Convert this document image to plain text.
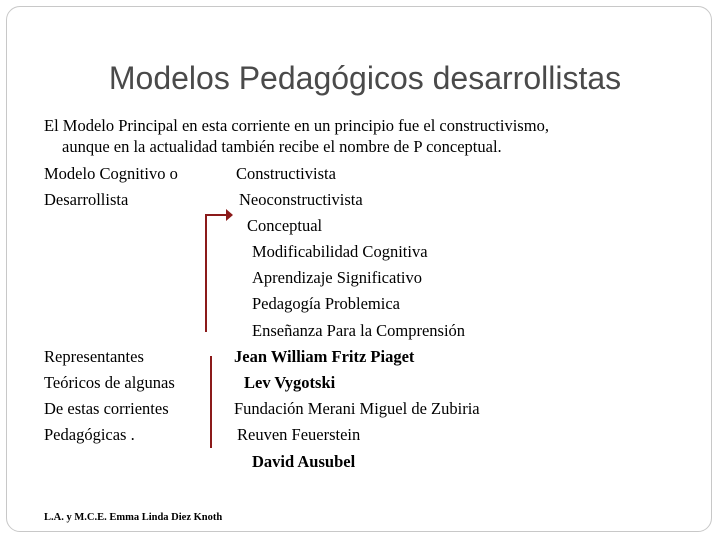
Modelos Pedagógicos desarrollistas

El Modelo Principal en esta corriente en un principio fue el constructivismo,

aunque en la actualidad también recibe el nombre de P conceptual.

Modelo Cognitivo o

Desarrollista

Constructivista

Neoconstructivista

Conceptual

Modificabilidad Cognitiva

Aprendizaje Significativo

Pedagogía Problemica

Enseñanza Para la Comprensión

Representantes

Teóricos de algunas

De estas corrientes

Pedagógicas .

Jean William Fritz Piaget

Lev Vygotski

Fundación Merani Miguel de Zubiria

Reuven Feuerstein

David Ausubel

L.A. y M.C.E. Emma Linda Diez Knoth
